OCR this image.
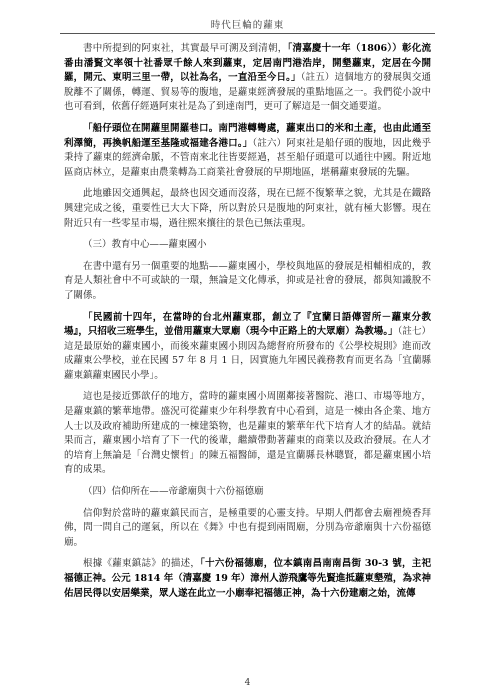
時代巨輪的蘿東

書中所提到的阿束社，其實最早可溯及到清朝，「清嘉慶十一年（1806））彰化流番由潘賢文率領十社番眾千餘人來到蘿東，定居南門港浩岸，開墾蘿東，定居在今開羅，開元、東明三里一帶，以社為名，一直沿至今日。」（註五）這個地方的發展與交通脫離不了關係，轉運、貿易等的腹地，是蘿東經濟發展的重點地區之一。我們從小說中也可看到，依舊仔經過阿束社是為了到達南門，更可了解這是一個交通要道。

「船仔頭位在開蘿里開羅巷口。南門港轉彎處，蘿東出口的米和土產，也由此通至利澤簡，再換帆船運至基隆或福建各港口。」（註六）阿束社是船仔頭的腹地，因此幾乎秉持了蘿東的經濟命脈，不管南來北往皆要經過，甚至船仔頭還可以通往中國。附近地區商店林立，是蘿東由農業轉為工商業社會發展的早期地區，堪稱蘿東發展的先驅。

此地雖因交通興起，最終也因交通而沒落，現在已經不復繁華之貌，尤其是在鐵路興建完成之後，重要性已大大下降，所以對於只是腹地的阿束社，就有極大影響。現在附近只有一些零星市場，過往熙來攘往的景色已無法重現。

（三）教育中心——蘿東國小

在書中還有另一個重要的地點——蘿東國小，學校與地區的發展是相輔相成的，教育是人類社會中不可或缺的一環，無論是文化傳承，抑或是社會的發展，都與知識脫不了關係。

「民國前十四年，在當時的台北州蘿東郡，創立了『宜蘭日語傳習所－蘿東分教場』，只招收三班學生，並借用蘿東大眾廟（現今中正路上的大眾廟）為教場。」（註七）這是最原始的蘿東國小，而後來蘿東國小則因為總督府所發布的《公學校規則》進而改成蘿東公學校，並在民國 57 年 8 月 1 日，因實施九年國民義務教育而更名為「宜蘭縣蘿東鎮蘿東國民小學」。

這也是接近鄧歆仔的地方，當時的蘿東國小周圍鄰接著醫院、港口、市場等地方，是蘿東鎮的繁華地帶。盛況可從蘿東少年科學教育中心看到，這是一棟由各企業、地方人士以及政府補助所建成的一棟建築物，也是蘿東的繁華年代下培育人才的結晶。就結果而言，蘿東國小培育了下一代的後輩，繼續帶動著蘿東的商業以及政治發展。在人才的培育上無論是「台灣史懷哲」的陳五福醫師，還是宜蘭縣長林聰賢，都是蘿東國小培育的成果。

（四）信仰所在——帝爺廟與十六份福德廟

信仰對於當時的蘿東鎮民而言，是極重要的心靈支持。早期人們都會去廟裡燒香拜佛，問一問自己的運氣，所以在《舞》中也有提到兩間廟，分別為帝爺廟與十六份福德廟。

根據《蘿東鎮誌》的描述，「十六份福德廟，位本鎮南昌南南昌街 30-3 號，主祀福德正神。公元 1814 年（清嘉慶 19 年）漳州人游飛鷹等先賢進抵蘿東墾殖，為求神佑居民得以安居樂業，眾人遂在此立一小廟奉祀福德正神，為十六份建廟之始，流傳

4
